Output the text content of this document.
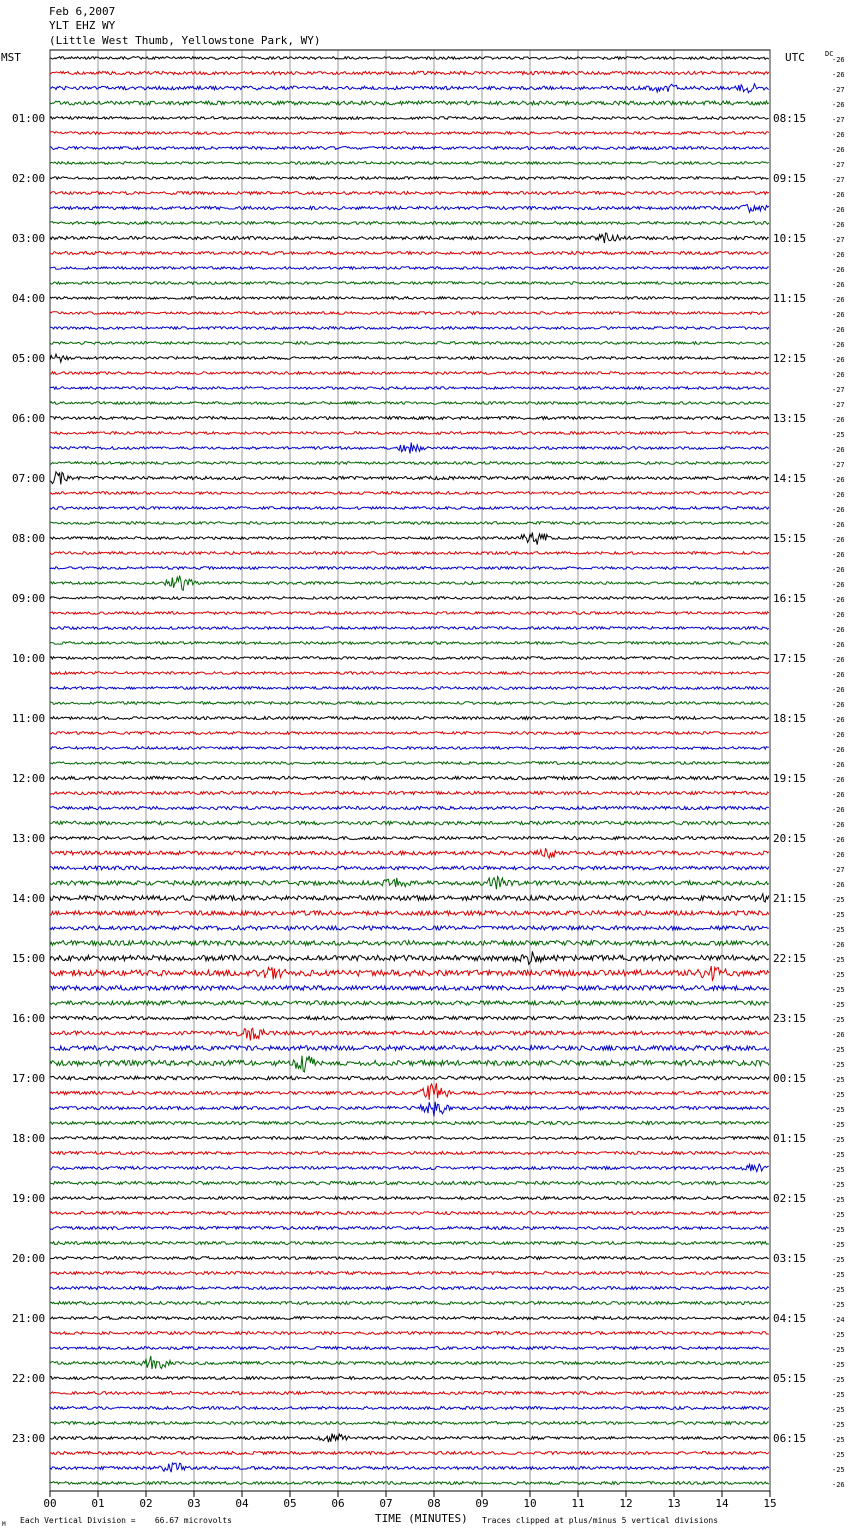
MST	UTC	DC
TIME (MINUTES)
Each Vertical Division =    66.67 microvolts	Traces clipped at plus/minus 5 vertical divisions
M
00	01	02	03	04	05	06	07	08	09	10	11	12	13	14	15
-26
-26
-27
-26
-27
-26
-26
-27
-27
-26
-26
-26
-27
-26
-26
-26
-26
-26
-26
-26
-26
-26
-27
-27
-26
-25
-26
-27
-26
-26
-26
-26
-26
-26
-26
-26
-26
-26
-26
-26
-26
-26
-26
-26
-26
-26
-26
-26
-26
-26
-26
-26
-26
-26
-27
-26
-25
-25
-25
-26
-25
-25
-25
-25
-25
-26
-25
-25
-25
-25
-25
-25
-25
-25
-25
-25
-25
-25
-25
-25
-25
-25
-25
-25
-24
-25
-25
-25
-25
-25
-25
-25
-25
-25
-25
-26
01:00
02:00
03:00
04:00
05:00
06:00
07:00
08:00
09:00
10:00
11:00
12:00
13:00
14:00
15:00
16:00
17:00
18:00
19:00
20:00
21:00
22:00
23:00
08:15
09:15
10:15
11:15
12:15
13:15
14:15
15:15
16:15
17:15
18:15
19:15
20:15
21:15
22:15
23:15
00:15
01:15
02:15
03:15
04:15
05:15
06:15
Feb 6,2007
YLT EHZ WY
(Little West Thumb, Yellowstone Park, WY)
